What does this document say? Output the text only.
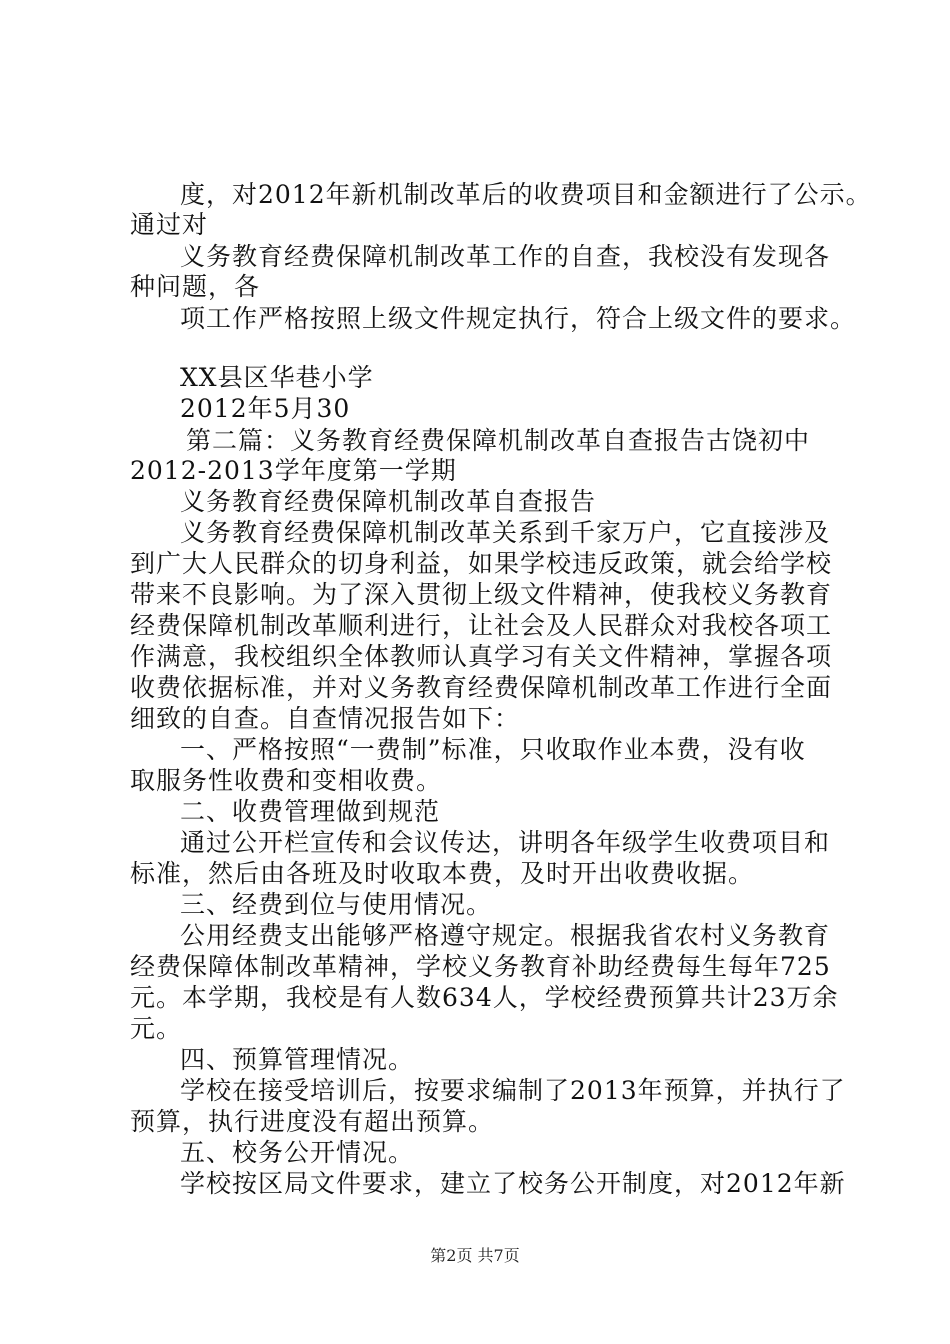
度，对2012年新机制改革后的收费项目和金额进行了公示。
通过对
义务教育经费保障机制改革工作的自查，我校没有发现各
种问题，各
项工作严格按照上级文件规定执行，符合上级文件的要求。
XX县区华巷小学
2012年5月30
第二篇：义务教育经费保障机制改革自查报告古饶初中
2012-2013学年度第一学期
义务教育经费保障机制改革自查报告
义务教育经费保障机制改革关系到千家万户，它直接涉及
到广大人民群众的切身利益，如果学校违反政策，就会给学校
带来不良影响。为了深入贯彻上级文件精神，使我校义务教育
经费保障机制改革顺利进行，让社会及人民群众对我校各项工
作满意，我校组织全体教师认真学习有关文件精神，掌握各项
收费依据标准，并对义务教育经费保障机制改革工作进行全面
细致的自查。自查情况报告如下：
一、严格按照“一费制”标准，只收取作业本费，没有收
取服务性收费和变相收费。
二、收费管理做到规范
通过公开栏宣传和会议传达，讲明各年级学生收费项目和
标准，然后由各班及时收取本费，及时开出收费收据。
三、经费到位与使用情况。
公用经费支出能够严格遵守规定。根据我省农村义务教育
经费保障体制改革精神，学校义务教育补助经费每生每年725
元。本学期，我校是有人数634人，学校经费预算共计23万余
元。
四、预算管理情况。
学校在接受培训后，按要求编制了2013年预算，并执行了
预算，执行进度没有超出预算。
五、校务公开情况。
学校按区局文件要求，建立了校务公开制度，对2012年新
第2页 共7页
